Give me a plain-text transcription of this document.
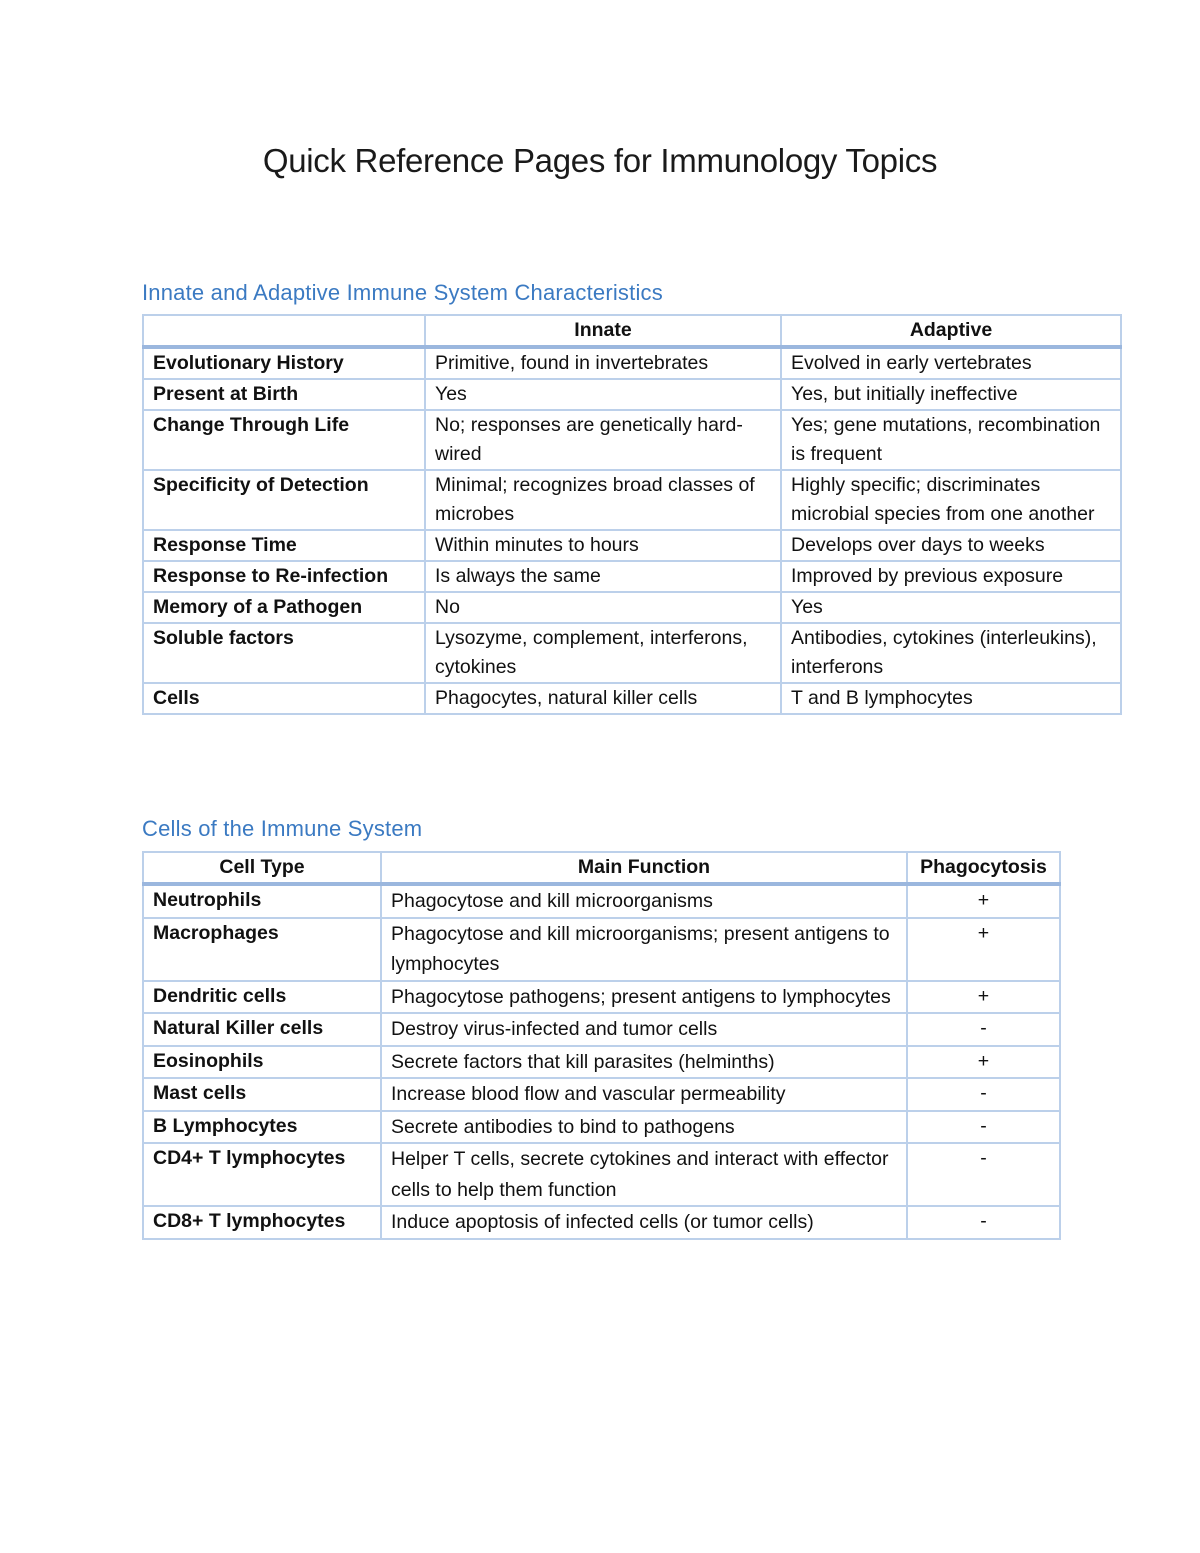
Quick Reference Pages for Immunology Topics
Innate and Adaptive Immune System Characteristics
	Innate	Adaptive
Evolutionary History	Primitive, found in invertebrates	Evolved in early vertebrates
Present at Birth	Yes	Yes, but initially ineffective
Change Through Life	No; responses are genetically hard-wired	Yes; gene mutations, recombination is frequent
Specificity of Detection	Minimal; recognizes broad classes of microbes	Highly specific; discriminates microbial species from one another
Response Time	Within minutes to hours	Develops over days to weeks
Response to Re-infection	Is always the same	Improved by previous exposure
Memory of a Pathogen	No	Yes
Soluble factors	Lysozyme, complement, interferons, cytokines	Antibodies, cytokines (interleukins), interferons
Cells	Phagocytes, natural killer cells	T and B lymphocytes
Cells of the Immune System
Cell Type	Main Function	Phagocytosis
Neutrophils	Phagocytose and kill microorganisms	+
Macrophages	Phagocytose and kill microorganisms; present antigens to lymphocytes	+
Dendritic cells	Phagocytose pathogens; present antigens to lymphocytes	+
Natural Killer cells	Destroy virus-infected and tumor cells	-
Eosinophils	Secrete factors that kill parasites (helminths)	+
Mast cells	Increase blood flow and vascular permeability	-
B Lymphocytes	Secrete antibodies to bind to pathogens	-
CD4+ T lymphocytes	Helper T cells, secrete cytokines and interact with effector cells to help them function	-
CD8+ T lymphocytes	Induce apoptosis of infected cells (or tumor cells)	-
